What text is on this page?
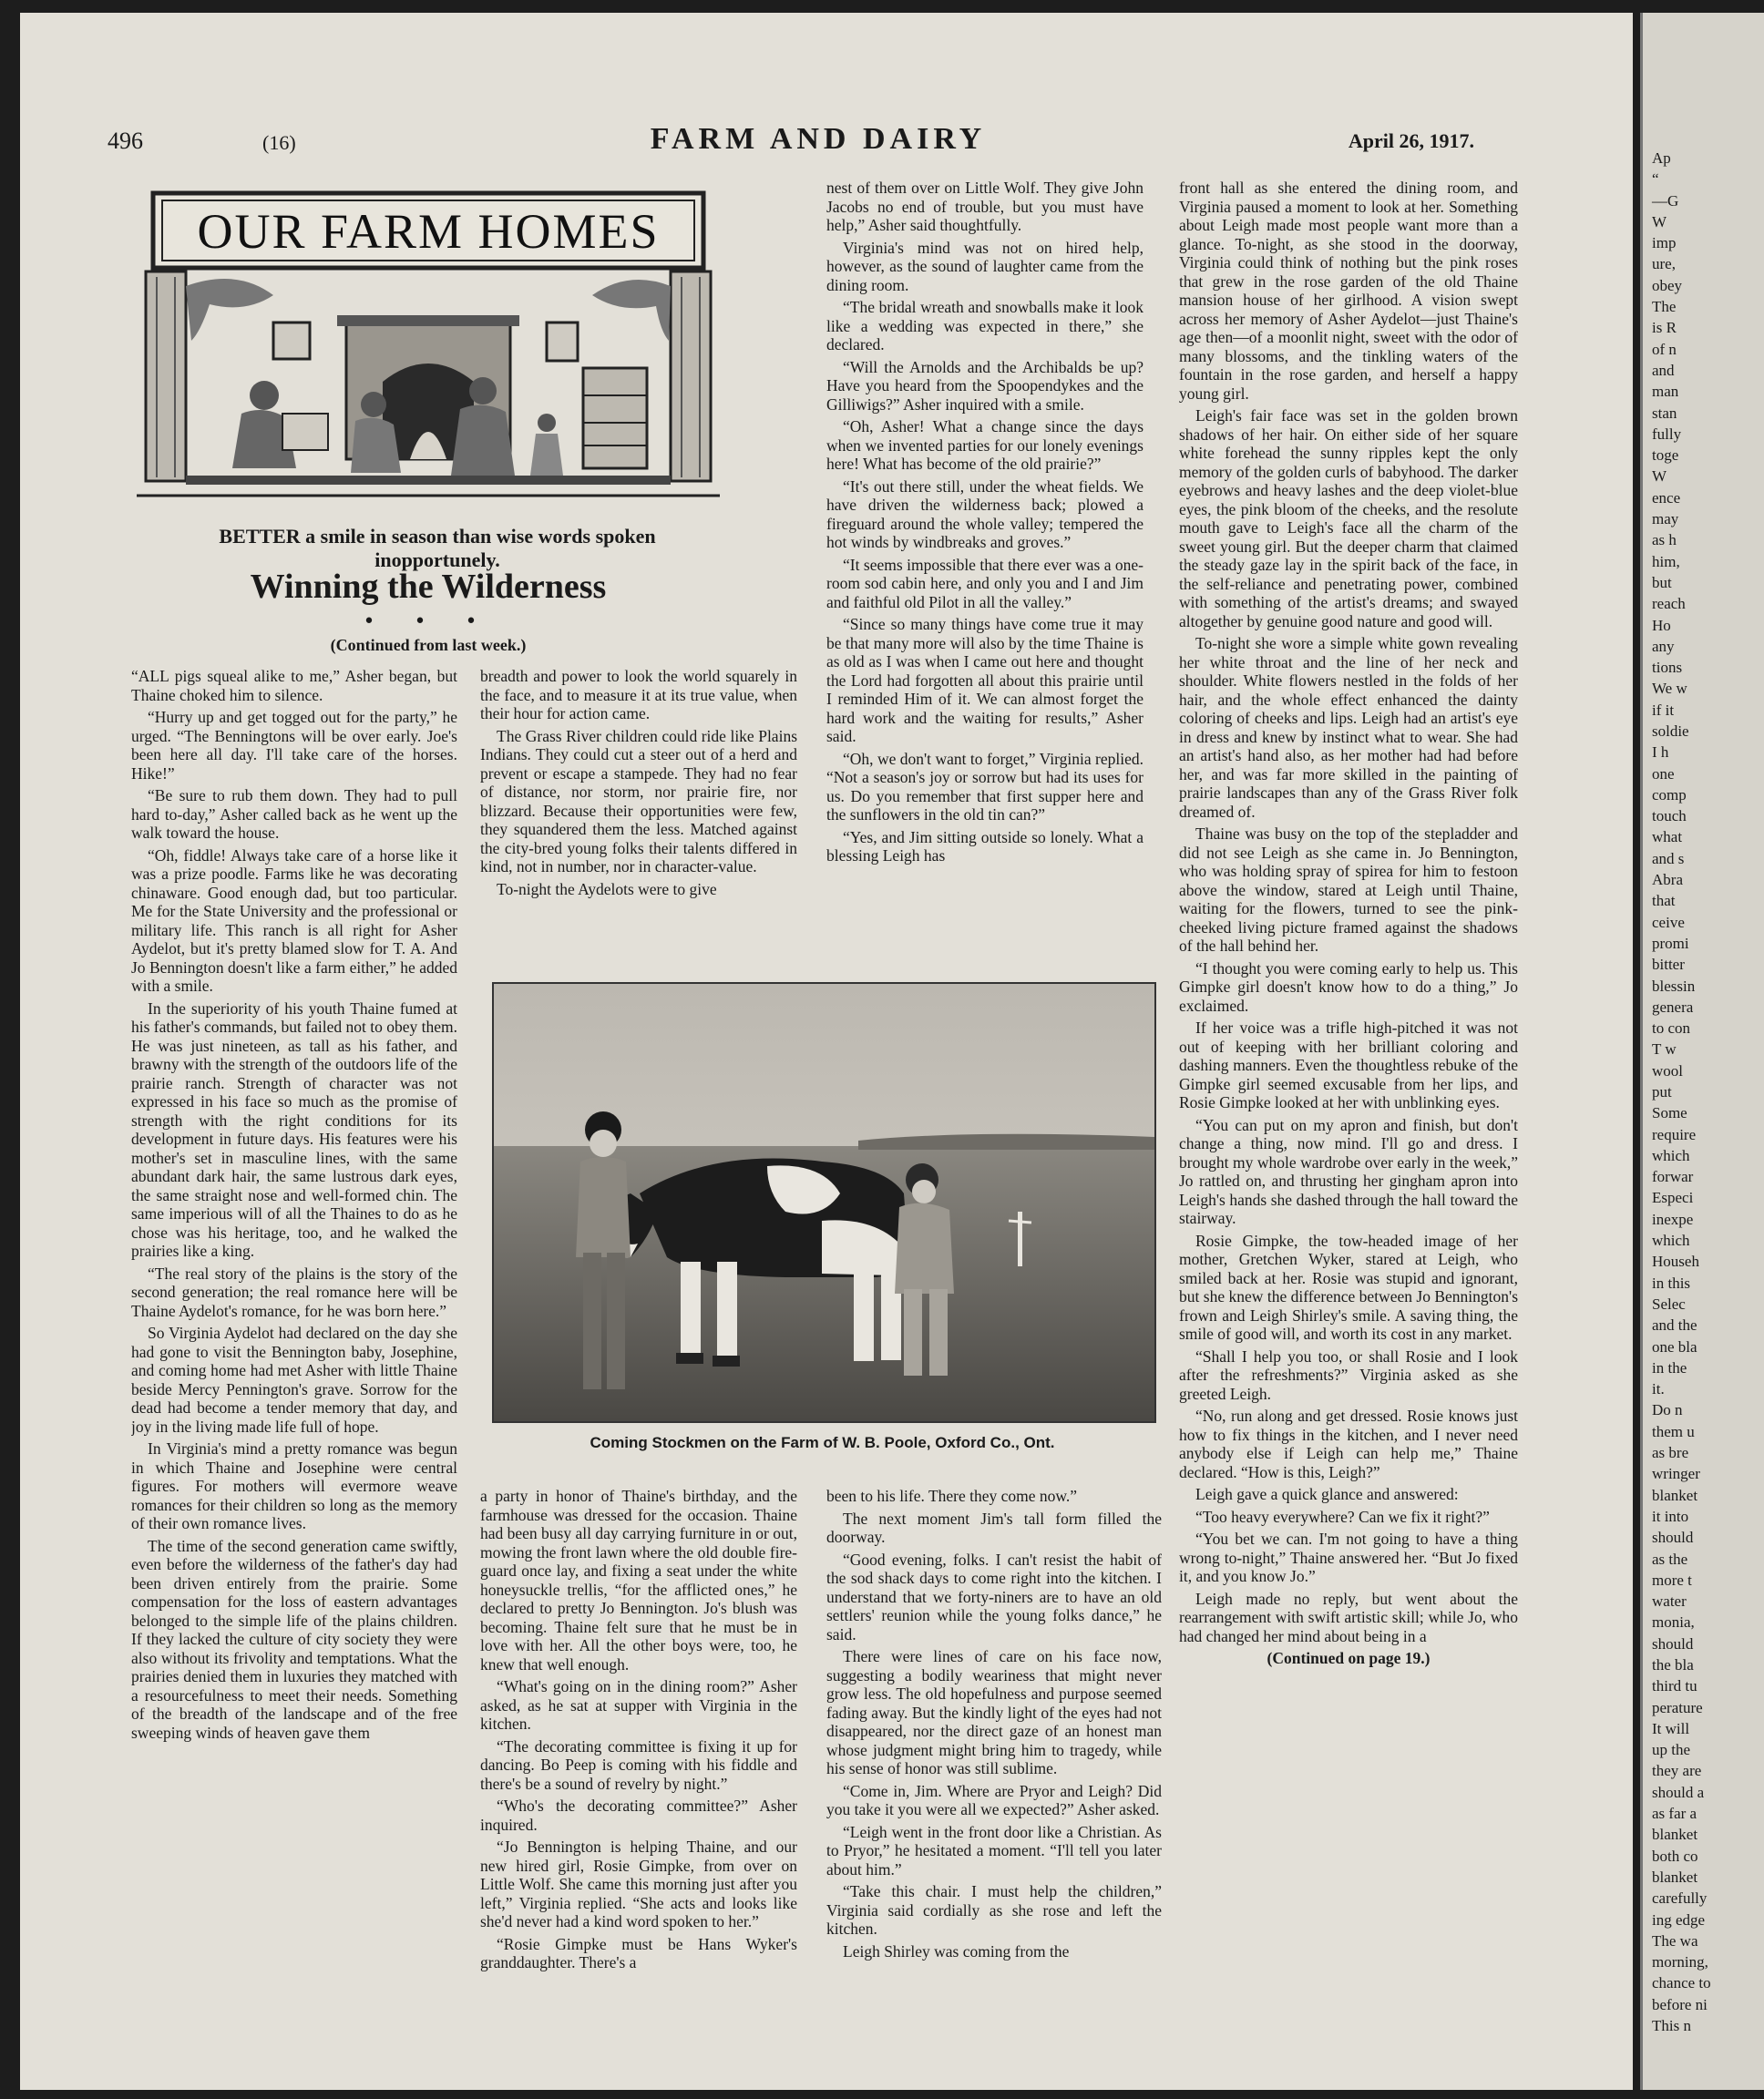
496	(16)	FARM AND DAIRY	April 26, 1917.
OUR FARM HOMES
BETTER a smile in season than wise words spoken inopportunely.
Winning the Wilderness
• • •
(Continued from last week.)

“ALL pigs squeal alike to me,” Asher began, but Thaine choked him to silence.

“Hurry up and get togged out for the party,” he urged. “The Benningtons will be over early. Joe's been here all day. I'll take care of the horses. Hike!”

“Be sure to rub them down. They had to pull hard to-day,” Asher called back as he went up the walk toward the house.

“Oh, fiddle! Always take care of a horse like it was a prize poodle. Farms like he was decorating chinaware. Good enough dad, but too particular. Me for the State University and the professional or military life. This ranch is all right for Asher Aydelot, but it's pretty blamed slow for T. A. And Jo Bennington doesn't like a farm either,” he added with a smile.

In the superiority of his youth Thaine fumed at his father's commands, but failed not to obey them. He was just nineteen, as tall as his father, and brawny with the strength of the outdoors life of the prairie ranch. Strength of character was not expressed in his face so much as the promise of strength with the right conditions for its development in future days. His features were his mother's set in masculine lines, with the same abundant dark hair, the same lustrous dark eyes, the same straight nose and well-formed chin. The same imperious will of all the Thaines to do as he chose was his heritage, too, and he walked the prairies like a king.

“The real story of the plains is the story of the second generation; the real romance here will be Thaine Aydelot's romance, for he was born here.”

So Virginia Aydelot had declared on the day she had gone to visit the Bennington baby, Josephine, and coming home had met Asher with little Thaine beside Mercy Pennington's grave. Sorrow for the dead had become a tender memory that day, and joy in the living made life full of hope.

In Virginia's mind a pretty romance was begun in which Thaine and Josephine were central figures. For mothers will evermore weave romances for their children so long as the memory of their own romance lives.

The time of the second generation came swiftly, even before the wilderness of the father's day had been driven entirely from the prairie. Some compensation for the loss of eastern advantages belonged to the simple life of the plains children. If they lacked the culture of city society they were also without its frivolity and temptations. What the prairies denied them in luxuries they matched with a resourcefulness to meet their needs. Something of the breadth of the landscape and of the free sweeping winds of heaven gave them

breadth and power to look the world squarely in the face, and to measure it at its true value, when their hour for action came.

The Grass River children could ride like Plains Indians. They could cut a steer out of a herd and prevent or escape a stampede. They had no fear of distance, nor storm, nor prairie fire, nor blizzard. Because their opportunities were few, they squandered them the less. Matched against the city-bred young folks their talents differed in kind, not in number, nor in character-value.

To-night the Aydelots were to give

nest of them over on Little Wolf. They give John Jacobs no end of trouble, but you must have help,” Asher said thoughtfully.

Virginia's mind was not on hired help, however, as the sound of laughter came from the dining room.

“The bridal wreath and snowballs make it look like a wedding was expected in there,” she declared.

“Will the Arnolds and the Archibalds be up? Have you heard from the Spoopendykes and the Gilliwigs?” Asher inquired with a smile.

“Oh, Asher! What a change since the days when we invented parties for our lonely evenings here! What has become of the old prairie?”

“It's out there still, under the wheat fields. We have driven the wilderness back; plowed a fireguard around the whole valley; tempered the hot winds by windbreaks and groves.”

“It seems impossible that there ever was a one-room sod cabin here, and only you and I and Jim and faithful old Pilot in all the valley.”

“Since so many things have come true it may be that many more will also by the time Thaine is as old as I was when I came out here and thought the Lord had forgotten all about this prairie until I reminded Him of it. We can almost forget the hard work and the waiting for results,” Asher said.

“Oh, we don't want to forget,” Virginia replied. “Not a season's joy or sorrow but had its uses for us. Do you remember that first supper here and the sunflowers in the old tin can?”

“Yes, and Jim sitting outside so lonely. What a blessing Leigh has

front hall as she entered the dining room, and Virginia paused a moment to look at her. Something about Leigh made most people want more than a glance. To-night, as she stood in the doorway, Virginia could think of nothing but the pink roses that grew in the rose garden of the old Thaine mansion house of her girlhood. A vision swept across her memory of Asher Aydelot—just Thaine's age then—of a moonlit night, sweet with the odor of many blossoms, and the tinkling waters of the fountain in the rose garden, and herself a happy young girl.

Leigh's fair face was set in the golden brown shadows of her hair. On either side of her square white forehead the sunny ripples kept the only memory of the golden curls of babyhood. The darker eyebrows and heavy lashes and the deep violet-blue eyes, the pink bloom of the cheeks, and the resolute mouth gave to Leigh's face all the charm of the sweet young girl. But the deeper charm that claimed the steady gaze lay in the spirit back of the face, in the self-reliance and penetrating power, combined with something of the artist's dreams; and swayed altogether by genuine good nature and good will.

To-night she wore a simple white gown revealing her white throat and the line of her neck and shoulder. White flowers nestled in the folds of her hair, and the whole effect enhanced the dainty coloring of cheeks and lips. Leigh had an artist's eye in dress and knew by instinct what to wear. She had an artist's hand also, as her mother had had before her, and was far more skilled in the painting of prairie landscapes than any of the Grass River folk dreamed of.

Thaine was busy on the top of the stepladder and did not see Leigh as she came in. Jo Bennington, who was holding spray of spirea for him to festoon above the window, stared at Leigh until Thaine, waiting for the flowers, turned to see the pink-cheeked living picture framed against the shadows of the hall behind her.

“I thought you were coming early to help us. This Gimpke girl doesn't know how to do a thing,” Jo exclaimed.

If her voice was a trifle high-pitched it was not out of keeping with her brilliant coloring and dashing manners. Even the thoughtless rebuke of the Gimpke girl seemed excusable from her lips, and Rosie Gimpke looked at her with unblinking eyes.

“You can put on my apron and finish, but don't change a thing, now mind. I'll go and dress. I brought my whole wardrobe over early in the week,” Jo rattled on, and thrusting her gingham apron into Leigh's hands she dashed through the hall toward the stairway.

Rosie Gimpke, the tow-headed image of her mother, Gretchen Wyker, stared at Leigh, who smiled back at her. Rosie was stupid and ignorant, but she knew the difference between Jo Bennington's frown and Leigh Shirley's smile. A saving thing, the smile of good will, and worth its cost in any market.

“Shall I help you too, or shall Rosie and I look after the refreshments?” Virginia asked as she greeted Leigh.

“No, run along and get dressed. Rosie knows just how to fix things in the kitchen, and I never need anybody else if Leigh can help me,” Thaine declared. “How is this, Leigh?”

Leigh gave a quick glance and answered:

“Too heavy everywhere? Can we fix it right?”

“You bet we can. I'm not going to have a thing wrong to-night,” Thaine answered her. “But Jo fixed it, and you know Jo.”

Leigh made no reply, but went about the rearrangement with swift artistic skill; while Jo, who had changed her mind about being in a

(Continued on page 19.)

Coming Stockmen on the Farm of W. B. Poole, Oxford Co., Ont.

a party in honor of Thaine's birthday, and the farmhouse was dressed for the occasion. Thaine had been busy all day carrying furniture in or out, mowing the front lawn where the old double fire-guard once lay, and fixing a seat under the white honeysuckle trellis, “for the afflicted ones,” he declared to pretty Jo Bennington. Jo's blush was becoming. Thaine felt sure that he must be in love with her. All the other boys were, too, he knew that well enough.

“What's going on in the dining room?” Asher asked, as he sat at supper with Virginia in the kitchen.

“The decorating committee is fixing it up for dancing. Bo Peep is coming with his fiddle and there's be a sound of revelry by night.”

“Who's the decorating committee?” Asher inquired.

“Jo Bennington is helping Thaine, and our new hired girl, Rosie Gimpke, from over on Little Wolf. She came this morning just after you left,” Virginia replied. “She acts and looks like she'd never had a kind word spoken to her.”

“Rosie Gimpke must be Hans Wyker's granddaughter. There's a

been to his life. There they come now.”

The next moment Jim's tall form filled the doorway.

“Good evening, folks. I can't resist the habit of the sod shack days to come right into the kitchen. I understand that we forty-niners are to have an old settlers' reunion while the young folks dance,” he said.

There were lines of care on his face now, suggesting a bodily weariness that might never grow less. The old hopefulness and purpose seemed fading away. But the kindly light of the eyes had not disappeared, nor the direct gaze of an honest man whose judgment might bring him to tragedy, while his sense of honor was still sublime.

“Come in, Jim. Where are Pryor and Leigh? Did you take it you were all we expected?” Asher asked.

“Leigh went in the front door like a Christian. As to Pryor,” he hesitated a moment. “I'll tell you later about him.”

“Take this chair. I must help the children,” Virginia said cordially as she rose and left the kitchen.

Leigh Shirley was coming from the

Ap
“
—G
W
imp
ure,
obey
The
is R
of n
and
man
stan
fully
toge
W
ence
may
as h
him,
but
reach
Ho
any
tions
We w
if it
soldie
I h
one
comp
touch
what
and s
Abra
that
ceive
promi
bitter
blessin
genera
to con
T w
wool
put
Some
require
which
forwar
Especi
inexpe
which
Househ
in this
Selec
and the
one bla
in the
it.
Do n
them u
as bre
wringer
blanket
it into
should
as the
more t
water
monia,
should
the bla
third tu
perature
It will
up the
they are
should a
as far a
blanket
both co
blanket
carefully
ing edge
The wa
morning,
chance to
before ni
This n
